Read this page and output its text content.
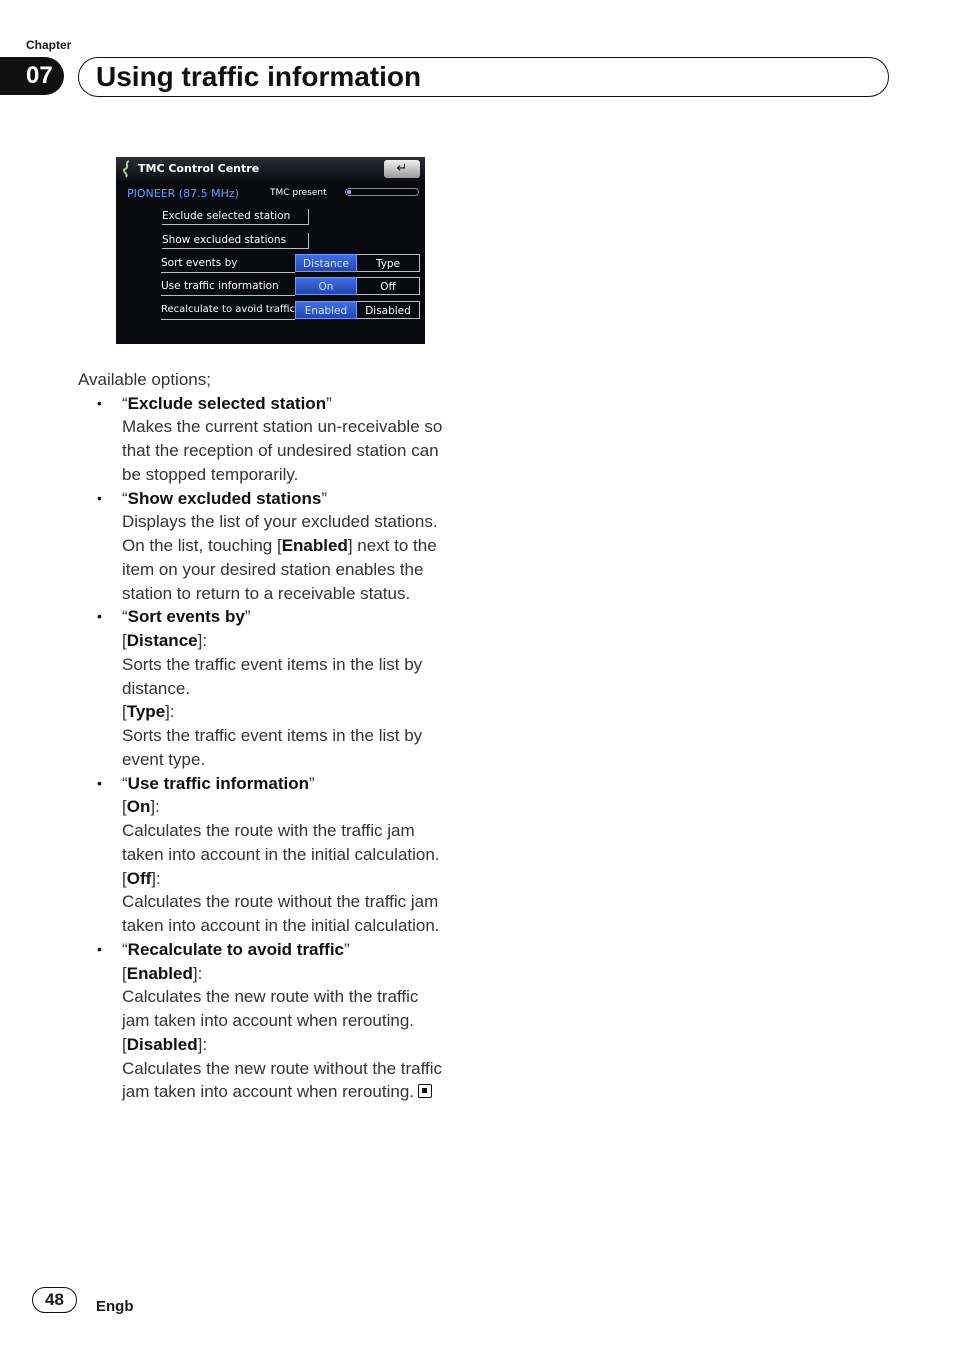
Chapter
07	Using traffic information
TMC Control Centre	↵
PIONEER (87.5 MHz)	TMC present
Exclude selected station
Show excluded stations
Sort events by	Distance	Type
Use traffic information	On	Off
Recalculate to avoid traffic Enabled	Disabled
Available options;
• “Exclude selected station”
Makes the current station un-receivable so
that the reception of undesired station can
be stopped temporarily.
• “Show excluded stations”
Displays the list of your excluded stations.
On the list, touching [Enabled] next to the
item on your desired station enables the
station to return to a receivable status.
• “Sort events by”
[Distance]:
Sorts the traffic event items in the list by
distance.
[Type]:
Sorts the traffic event items in the list by
event type.
• “Use traffic information”
[On]:
Calculates the route with the traffic jam
taken into account in the initial calculation.
[Off]:
Calculates the route without the traffic jam
taken into account in the initial calculation.
• “Recalculate to avoid traffic”
[Enabled]:
Calculates the new route with the traffic
jam taken into account when rerouting.
[Disabled]:
Calculates the new route without the traffic
jam taken into account when rerouting.
48	Engb
